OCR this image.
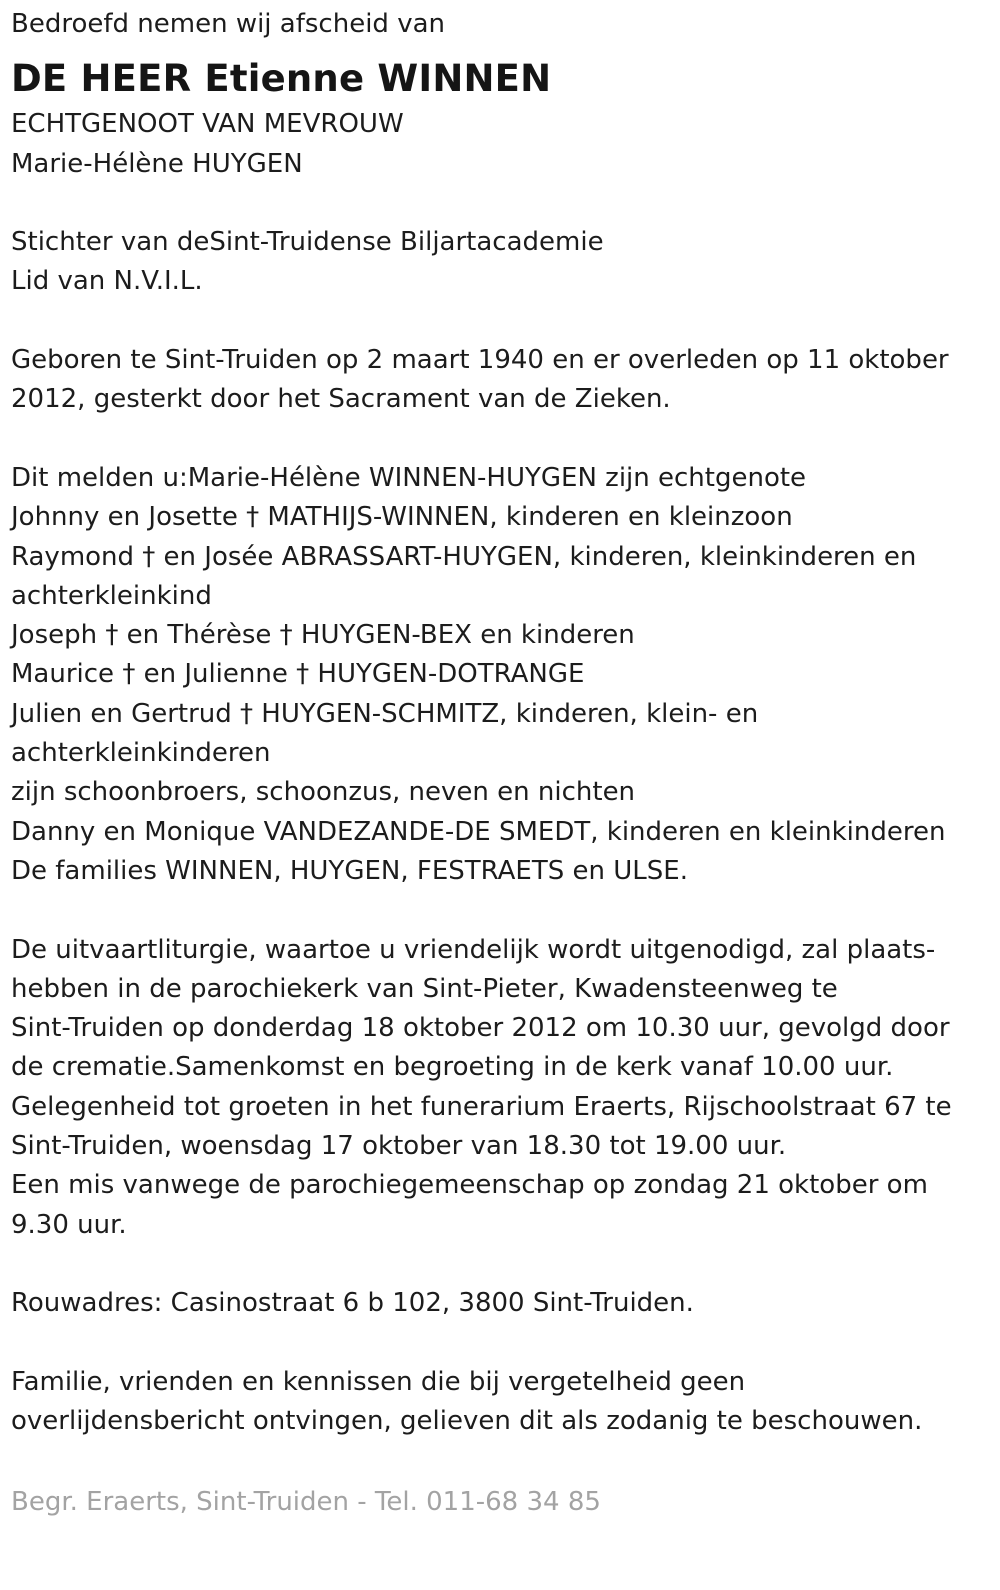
Bedroefd nemen wij afscheid van

DE HEER Etienne WINNEN

ECHTGENOOT VAN MEVROUW

Marie-Hélène HUYGEN

Stichter van deSint-Truidense Biljartacademie

Lid van N.V.I.L.

Geboren te Sint-Truiden op 2 maart 1940 en er overleden op 11 oktober

2012, gesterkt door het Sacrament van de Zieken.

Dit melden u:Marie-Hélène WINNEN-HUYGEN zijn echtgenote

Johnny en Josette † MATHIJS-WINNEN, kinderen en kleinzoon

Raymond † en Josée ABRASSART-HUYGEN, kinderen, kleinkinderen en

achterkleinkind

Joseph † en Thérèse † HUYGEN-BEX en kinderen

Maurice † en Julienne † HUYGEN-DOTRANGE

Julien en Gertrud † HUYGEN-SCHMITZ, kinderen, klein- en

achterkleinkinderen

zijn schoonbroers, schoonzus, neven en nichten

Danny en Monique VANDEZANDE-DE SMEDT, kinderen en kleinkinderen

De families WINNEN, HUYGEN, FESTRAETS en ULSE.

De uitvaartliturgie, waartoe u vriendelijk wordt uitgenodigd, zal plaats-

hebben in de parochiekerk van Sint-Pieter, Kwadensteenweg te

Sint-Truiden op donderdag 18 oktober 2012 om 10.30 uur, gevolgd door

de crematie.Samenkomst en begroeting in de kerk vanaf 10.00 uur.

Gelegenheid tot groeten in het funerarium Eraerts, Rijschoolstraat 67 te

Sint-Truiden, woensdag 17 oktober van 18.30 tot 19.00 uur.

Een mis vanwege de parochiegemeenschap op zondag 21 oktober om

9.30 uur.

Rouwadres: Casinostraat 6 b 102, 3800 Sint-Truiden.

Familie, vrienden en kennissen die bij vergetelheid geen

overlijdensbericht ontvingen, gelieven dit als zodanig te beschouwen.

Begr. Eraerts, Sint-Truiden - Tel. 011-68 34 85
